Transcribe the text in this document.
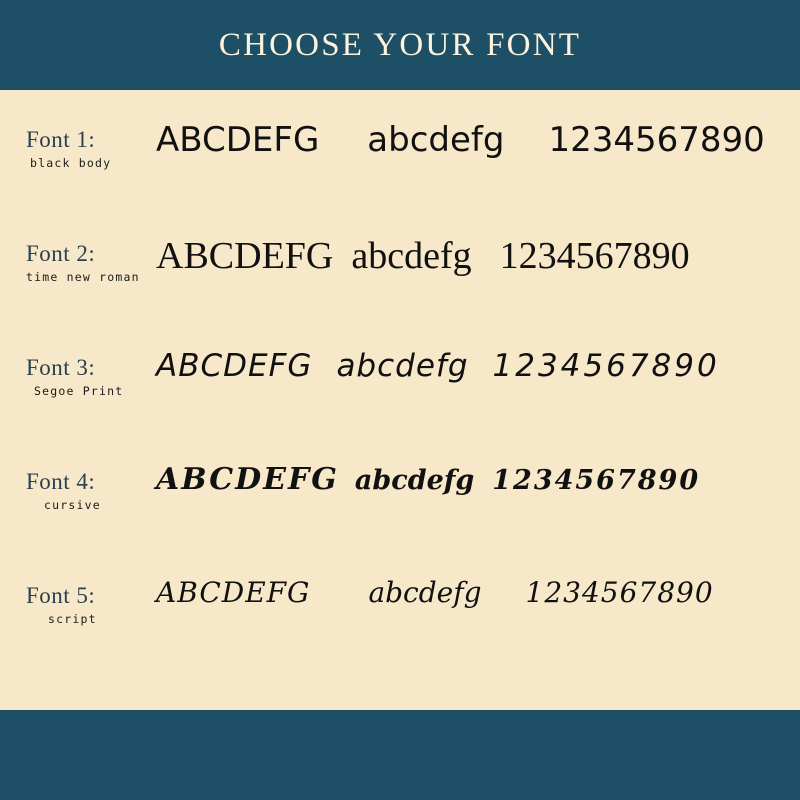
CHOOSE YOUR FONT
Font 1:
black body
ABCDEFG abcdefg 1234567890
Font 2:
time new roman
ABCDEFG abcdefg 1234567890
Font 3:
Segoe Print
ABCDEFG abcdefg 1234567890
Font 4:
cursive
ABCDEFG abcdefg 1234567890
Font 5:
script
ABCDEFG abcdefg 1234567890
